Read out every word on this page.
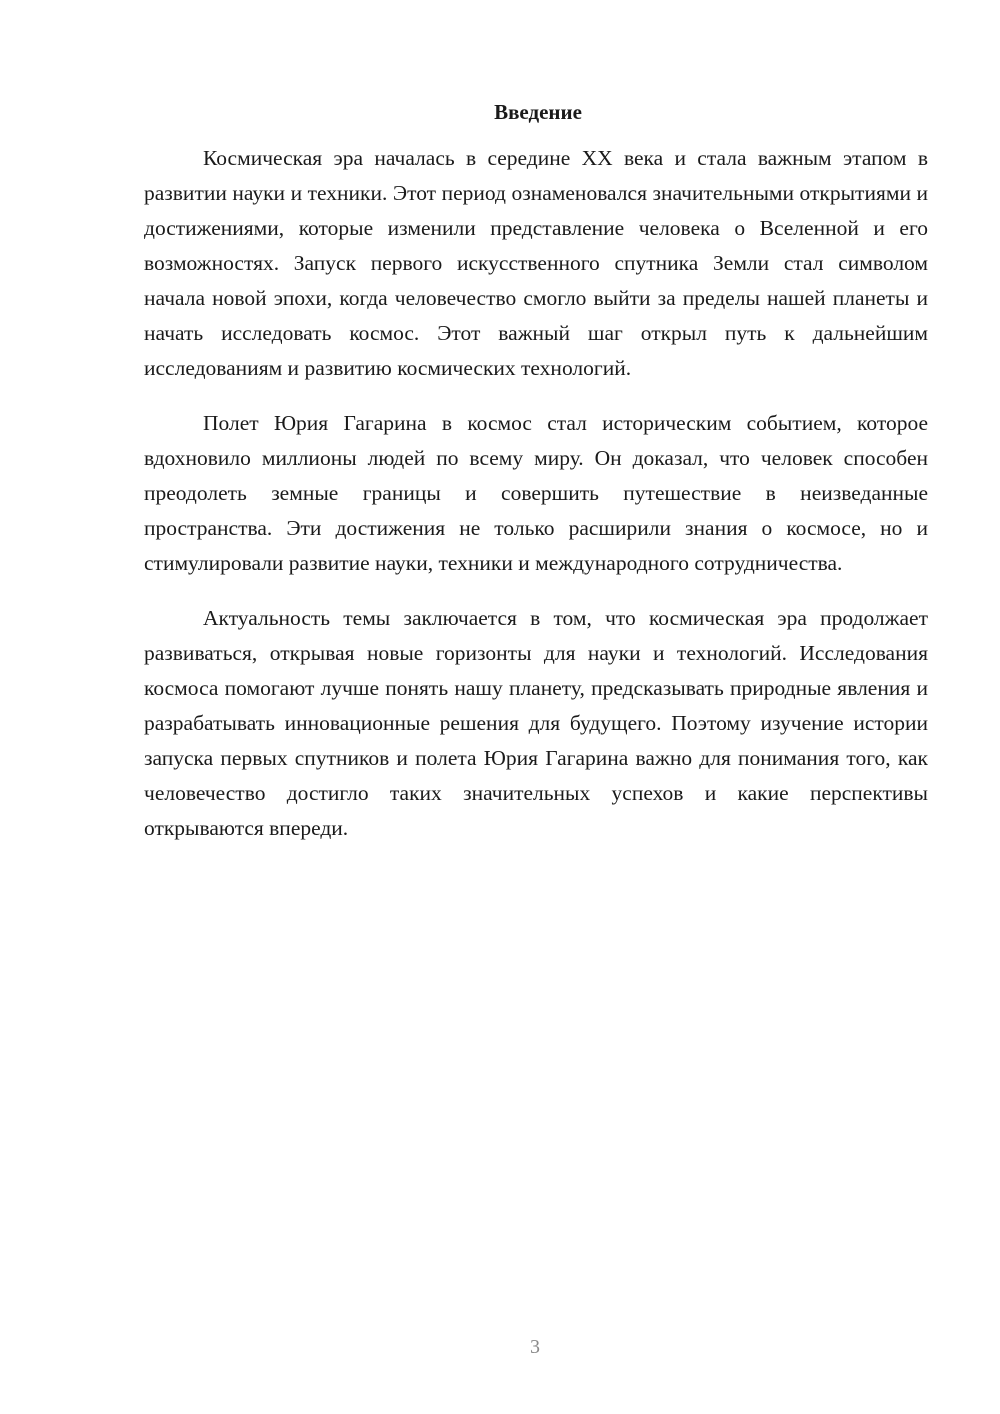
Введение

Космическая эра началась в середине XX века и стала важным этапом в развитии науки и техники. Этот период ознаменовался значительными открытиями и достижениями, которые изменили представление человека о Вселенной и его возможностях. Запуск первого искусственного спутника Земли стал символом начала новой эпохи, когда человечество смогло выйти за пределы нашей планеты и начать исследовать космос. Этот важный шаг открыл путь к дальнейшим исследованиям и развитию космических технологий.

Полет Юрия Гагарина в космос стал историческим событием, которое вдохновило миллионы людей по всему миру. Он доказал, что человек способен преодолеть земные границы и совершить путешествие в неизведанные пространства. Эти достижения не только расширили знания о космосе, но и стимулировали развитие науки, техники и международного сотрудничества.

Актуальность темы заключается в том, что космическая эра продолжает развиваться, открывая новые горизонты для науки и технологий. Исследования космоса помогают лучше понять нашу планету, предсказывать природные явления и разрабатывать инновационные решения для будущего. Поэтому изучение истории запуска первых спутников и полета Юрия Гагарина важно для понимания того, как человечество достигло таких значительных успехов и какие перспективы открываются впереди.

3
